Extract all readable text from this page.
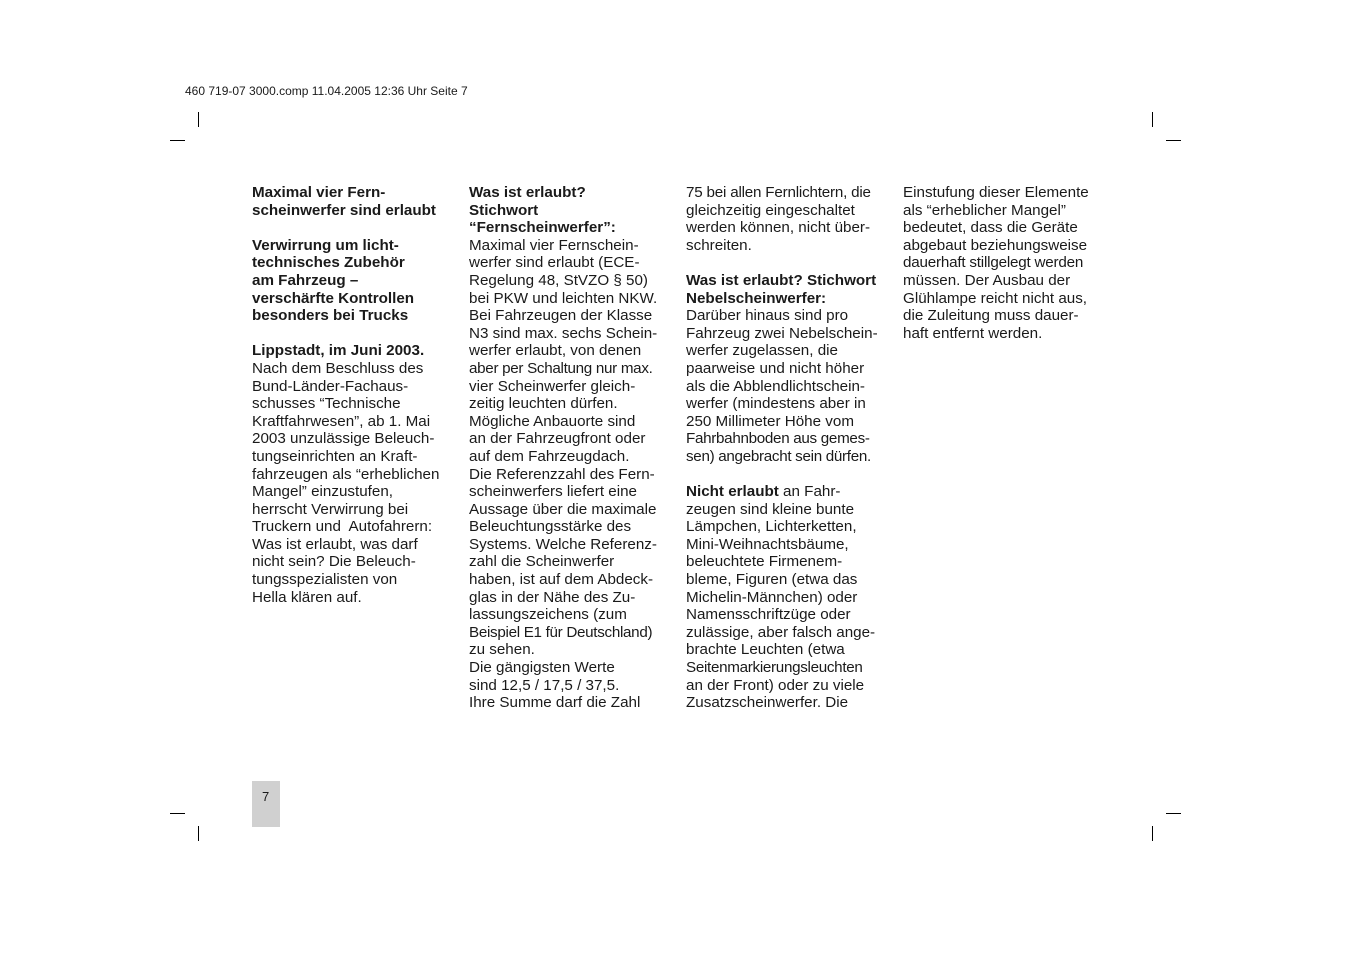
460 719-07 3000.comp 11.04.2005 12:36 Uhr Seite 7

Maximal vier Fern-

scheinwerfer sind erlaubt

Verwirrung um licht-

technisches Zubehör

am Fahrzeug –

verschärfte Kontrollen

besonders bei Trucks

Lippstadt, im Juni 2003.

Nach dem Beschluss des

Bund-Länder-Fachaus-

schusses “Technische

Kraftfahrwesen”, ab 1. Mai

2003 unzulässige Beleuch-

tungseinrichten an Kraft-

fahrzeugen als “erheblichen

Mangel” einzustufen,

herrscht Verwirrung bei

Truckern und  Autofahrern:

Was ist erlaubt, was darf

nicht sein? Die Beleuch-

tungsspezialisten von

Hella klären auf.

Was ist erlaubt?

Stichwort

“Fernscheinwerfer”:

Maximal vier Fernschein-

werfer sind erlaubt (ECE-

Regelung 48, StVZO § 50)

bei PKW und leichten NKW.

Bei Fahrzeugen der Klasse

N3 sind max. sechs Schein-

werfer erlaubt, von denen

aber per Schaltung nur max.

vier Scheinwerfer gleich-

zeitig leuchten dürfen.

Mögliche Anbauorte sind

an der Fahrzeugfront oder

auf dem Fahrzeugdach.

Die Referenzzahl des Fern-

scheinwerfers liefert eine

Aussage über die maximale

Beleuchtungsstärke des

Systems. Welche Referenz-

zahl die Scheinwerfer

haben, ist auf dem Abdeck-

glas in der Nähe des Zu-

lassungszeichens (zum

Beispiel E1 für Deutschland)

zu sehen.

Die gängigsten Werte

sind 12,5 / 17,5 / 37,5.

Ihre Summe darf die Zahl

75 bei allen Fernlichtern, die

gleichzeitig eingeschaltet

werden können, nicht über-

schreiten.

Was ist erlaubt? Stichwort

Nebelscheinwerfer:

Darüber hinaus sind pro

Fahrzeug zwei Nebelschein-

werfer zugelassen, die

paarweise und nicht höher

als die Abblendlichtschein-

werfer (mindestens aber in

250 Millimeter Höhe vom

Fahrbahnboden aus gemes-

sen) angebracht sein dürfen.

Nicht erlaubt an Fahr-

zeugen sind kleine bunte

Lämpchen, Lichterketten,

Mini-Weihnachtsbäume,

beleuchtete Firmenem-

bleme, Figuren (etwa das

Michelin-Männchen) oder

Namensschriftzüge oder

zulässige, aber falsch ange-

brachte Leuchten (etwa

Seitenmarkierungsleuchten

an der Front) oder zu viele

Zusatzscheinwerfer. Die

Einstufung dieser Elemente

als “erheblicher Mangel”

bedeutet, dass die Geräte

abgebaut beziehungsweise

dauerhaft stillgelegt werden

müssen. Der Ausbau der

Glühlampe reicht nicht aus,

die Zuleitung muss dauer-

haft entfernt werden.

7
